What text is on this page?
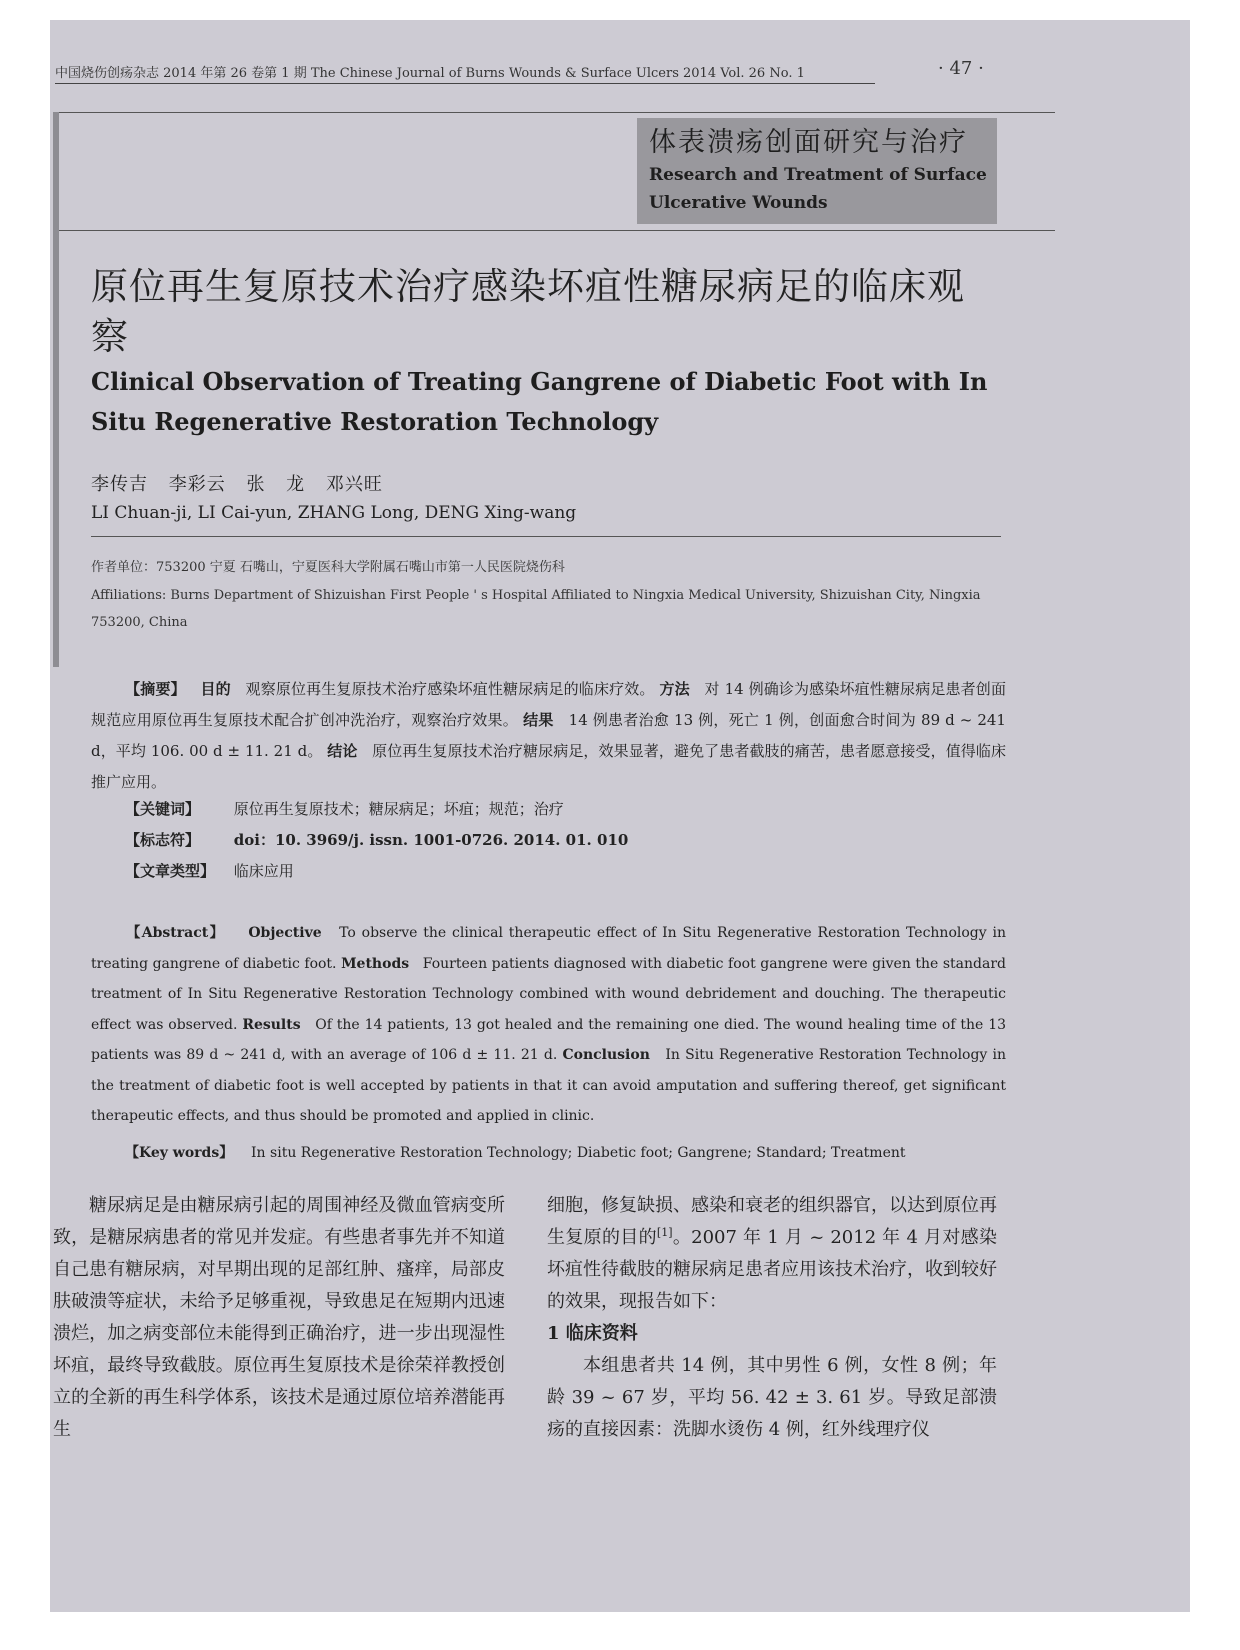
中国烧伤创疡杂志 2014 年第 26 卷第 1 期 The Chinese Journal of Burns Wounds & Surface Ulcers 2014 Vol. 26 No. 1	· 47 ·
体表溃疡创面研究与治疗
Research and Treatment of Surface
Ulcerative Wounds
原位再生复原技术治疗感染坏疽性糖尿病足的临床观察
Clinical Observation of Treating Gangrene of Diabetic Foot with In Situ Regenerative Restoration Technology
李传吉 李彩云 张 龙 邓兴旺
LI Chuan-ji, LI Cai-yun, ZHANG Long, DENG Xing-wang
作者单位：753200 宁夏 石嘴山，宁夏医科大学附属石嘴山市第一人民医院烧伤科
Affiliations: Burns Department of Shizuishan First People ' s Hospital Affiliated to Ningxia Medical University, Shizuishan City, Ningxia 753200, China
【摘要】 目的 观察原位再生复原技术治疗感染坏疽性糖尿病足的临床疗效。 方法 对 14 例确诊为感染坏疽性糖尿病足患者创面规范应用原位再生复原技术配合扩创冲洗治疗，观察治疗效果。 结果 14 例患者治愈 13 例，死亡 1 例，创面愈合时间为 89 d ~ 241 d，平均 106. 00 d ± 11. 21 d。 结论 原位再生复原技术治疗糖尿病足，效果显著，避免了患者截肢的痛苦，患者愿意接受，值得临床推广应用。
【关键词】 原位再生复原技术；糖尿病足；坏疽；规范；治疗
【标志符】 doi：10. 3969/j. issn. 1001-0726. 2014. 01. 010
【文章类型】 临床应用
【Abstract】 Objective To observe the clinical therapeutic effect of In Situ Regenerative Restoration Technology in treating gangrene of diabetic foot. Methods Fourteen patients diagnosed with diabetic foot gangrene were given the standard treatment of In Situ Regenerative Restoration Technology combined with wound debridement and douching. The therapeutic effect was observed. Results Of the 14 patients, 13 got healed and the remaining one died. The wound healing time of the 13 patients was 89 d ~ 241 d, with an average of 106 d ± 11. 21 d. Conclusion In Situ Regenerative Restoration Technology in the treatment of diabetic foot is well accepted by patients in that it can avoid amputation and suffering thereof, get significant therapeutic effects, and thus should be promoted and applied in clinic.
【Key words】 In situ Regenerative Restoration Technology; Diabetic foot; Gangrene; Standard; Treatment
糖尿病足是由糖尿病引起的周围神经及微血管病变所致，是糖尿病患者的常见并发症。有些患者事先并不知道自己患有糖尿病，对早期出现的足部红肿、瘙痒，局部皮肤破溃等症状，未给予足够重视，导致患足在短期内迅速溃烂，加之病变部位未能得到正确治疗，进一步出现湿性坏疽，最终导致截肢。原位再生复原技术是徐荣祥教授创立的全新的再生科学体系，该技术是通过原位培养潜能再生
细胞，修复缺损、感染和衰老的组织器官，以达到原位再生复原的目的[1]。2007 年 1 月 ~ 2012 年 4 月对感染坏疽性待截肢的糖尿病足患者应用该技术治疗，收到较好的效果，现报告如下：
1 临床资料
本组患者共 14 例，其中男性 6 例，女性 8 例；年龄 39 ~ 67 岁，平均 56. 42 ± 3. 61 岁。导致足部溃疡的直接因素：洗脚水烫伤 4 例，红外线理疗仪
